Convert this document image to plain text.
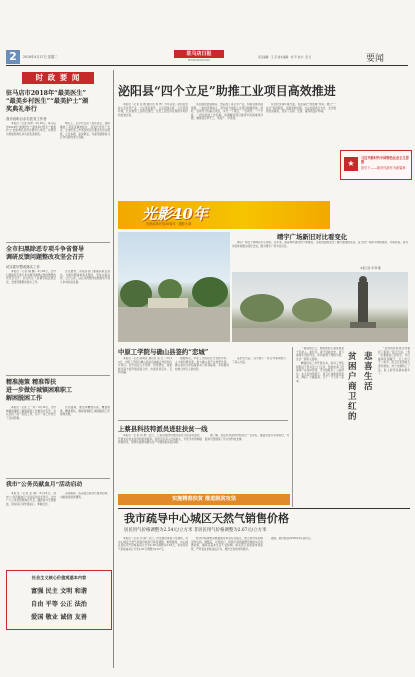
2	2018年4月17日 星期二	驻马店日报
ZHUMADIAN DAILY
责任编辑：王 丹 美术编辑：刘 芳 校对：张 红	要闻
时 政 要 闻
驻马店市2018年“最美医生”
“最美乡村医生”“最美护士”颁
奖典礼举行
我市表彰百余名医务工作者

本报讯（记者 陈慧）4月16日，驻马店市2018年“最美医生”“最美乡村医生”“最美护士”颁奖典礼在市会展中心举行。市领导出席颁奖典礼并为获奖者颁奖。

典礼上，主办方宣读了表彰决定，现场播放了获奖者事迹短片，获奖代表作了发言，全市医务工作者纷纷表示要以先进为榜样，立足本职、爱岗敬业，为建设健康驻马店作出新的更大贡献。

全市扫黑除恶专项斗争省督导
调研反馈问题整改攻坚会召开
切实抓好整改落实工作

本报讯（记者 魏 巍）4月16日，全市扫黑除恶专项斗争省督导调研反馈问题整改攻坚会召开。会议传达了省督导组反馈意见，安排部署整改落实工作。

会议要求，各级各部门要提高政治站位，对照问题清单逐条整改，坚持边查边改、立行立改，以扎实的整改成效推动专项斗争向纵深发展。

精准施策 精准帮扶
进一步做好城镇困难职工
解困脱困工作

本报讯（记者 王一珂）4月16日，全市城镇困难职工解困脱困工作推进会召开。会议总结了前一阶段工作，对下一步工作进行了安排部署。

会议强调，要坚持精准识别、精准施策、精准帮扶，确保困难职工解困脱困工作取得实效。

我市“公务员献血月”活动启动

本报讯（记者 张 琳）4月16日，我市“公务员献血月”活动启动仪式举行。全市广大公务员积极响应号召，踊跃参与无偿献血，用实际行动传递爱心、奉献社会。

活动期间，各采血点将延长服务时间，为献血者提供便利。

社会主义核心价值观基本内容
富强 民主 文明 和谐
自由 平等 公正 法治
爱国 敬业 诚信 友善
泌阳县“四个立足”助推工业项目高效推进

本报讯（记者 张 晓 通讯员 刘 勇）今年以来，泌阳县坚持立足优势产业、立足项目建设、立足招商引资、立足营商环境，扎实推进工业项目建设，全县工业经济呈现稳中向好的发展态势。

该县围绕装备制造、食品加工等主导产业，积极延链补链强链，一批投资规模大、带动能力强的工业项目相继落地。同时，县领导分包重点项目，实行一个项目、一名领导、一个专班、一抓到底的工作机制，协调解决项目推进中的困难和问题，确保项目早开工、早投产、早见效。

在优化营商环境方面，该县深化“放管服”改革，推行“一站式”审批服务，压缩审批时限，为企业提供全方位、全过程的优质服务，营造了亲商、安商、富商的良好环境。

★
习近平新时代中国特色社会主义思想
指引下——新时代新作为新篇章
光影40年
庆祝改革开放40周年 · 摄影大赛
靖宇广场新旧对比看变化

靖宇广场位于驿城区中心地带。近年来，随着城市建设的不断推进，这里的面貌发生了翻天覆地的变化。昔日的广场如今绿树成荫、环境优美，成为市民休闲娱乐的好去处。图为靖宇广场今昔对比。

本报记者 李 辉 摄
中原工学院与确山县签约“恋城”

本报讯（记者 赵明亮 通讯员 张 红）4月14日，中原工学院与确山县政府战略合作签约仪式举行。双方将在人才培养、科技研发、成果转化等方面开展深度合作，实现优势互补、互利共赢。

根据协议，中原工学院将充分发挥学科、人才和科研优势，助力确山县产业转型升级；确山县将为学院提供实习实训基地，共同推动校地合作迈上新台阶。

签约仪式后，双方就下一步合作事项进行了深入交流。

上蔡县科技特派员进驻扶贫一线

本报讯（记者 刘 勇）近日，上蔡县首批科技特派员分赴各贫困村，开展农业技术指导和培训服务。特派员们深入田间地头，手把手传授种植养殖技术，帮助贫困群众解决生产中遇到的实际问题。

据了解，该县共选派科技特派员一百余名，覆盖全县所有贫困村，为脱贫攻坚提供了有力的科技支撑。

实施精准扶贫 推进脱贫攻坚

一提到商卫红，熟悉他的人都说他是个苦命人。前些年，妻子因病去世，留下他和年迈的母亲、年幼的孩子相依为命，生活一度陷入困境。

精准扶贫工作开展以来，驻村工作队和帮扶干部多次上门走访，帮他申请了低保和产业扶持资金，还为他联系了公益岗位。在大家的帮助下，商卫红重新振作起来，种起了大棚蔬菜，日子一天天好了起来。

贫困户商卫红的
悲喜生活

“是党的好政策让我看到了希望。”商卫红说，“我一定要靠自己的双手，早日摘掉贫困帽子，过上好日子。”如今，商卫红家的收入逐年增加，孩子也顺利上了学，脸上的笑容越来越多了。

我市疏导中心城区天然气销售价格
居民用气价格调整为2.54元/立方米 非居民用气价格调整为2.67元/立方米

本报讯（记者 李 刚）近日，市发展改革委下发通知，对中心城区天然气销售价格进行疏导调整。根据通知，中心城区居民用气价格由每立方米2.30元调整为2.54元，非居民用气价格由每立方米2.97元调整为2.67元。

此次价格调整是根据国家和省有关规定，结合我市实际情况作出的。调整后，对低保户、特困户等困难群众继续实行优惠政策，确保其基本生活不受影响。相关部门将加强市场监管，严厉查处价格违法行为，维护正常的市场秩序。

据悉，新价格自2018年4月起执行。
